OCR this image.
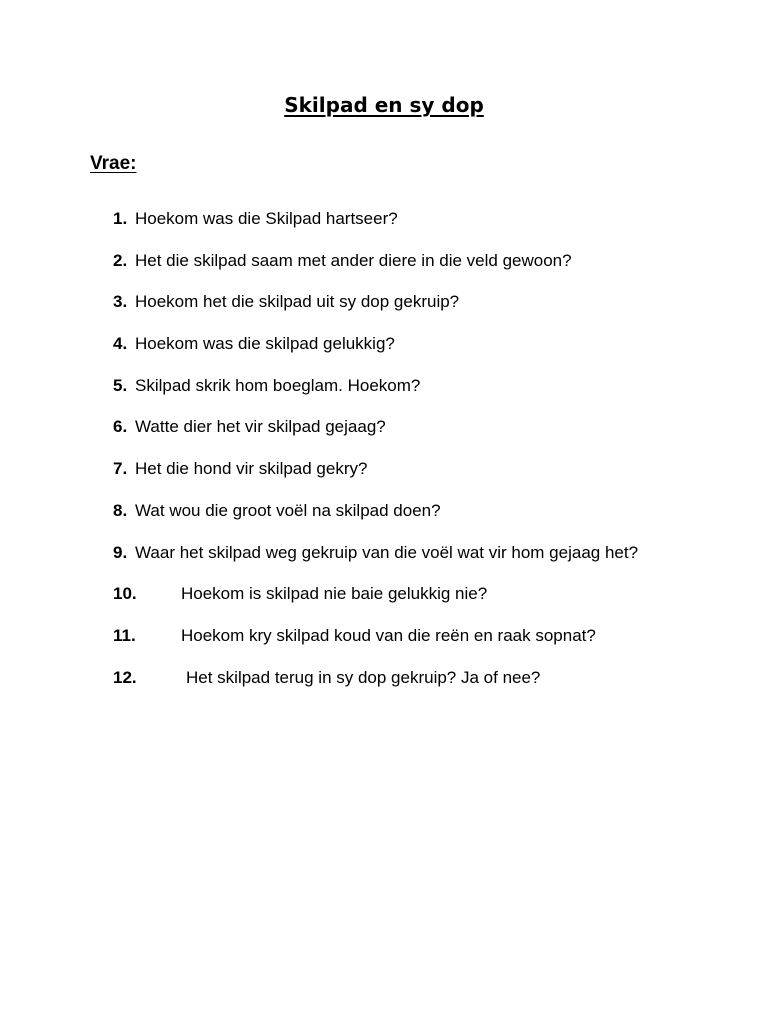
Skilpad en sy dop
Vrae:
1. Hoekom was die Skilpad hartseer?
2. Het die skilpad saam met ander diere in die veld gewoon?
3. Hoekom het die skilpad uit sy dop gekruip?
4. Hoekom was die skilpad gelukkig?
5. Skilpad skrik hom boeglam. Hoekom?
6. Watte dier het vir skilpad gejaag?
7. Het die hond vir skilpad gekry?
8. Wat wou die groot voël na skilpad doen?
9. Waar het skilpad weg gekruip van die voël wat vir hom gejaag het?
10.	Hoekom is skilpad nie baie gelukkig nie?
11.	Hoekom kry skilpad koud van die reën en raak sopnat?
12.	Het skilpad terug in sy dop gekruip? Ja of nee?
